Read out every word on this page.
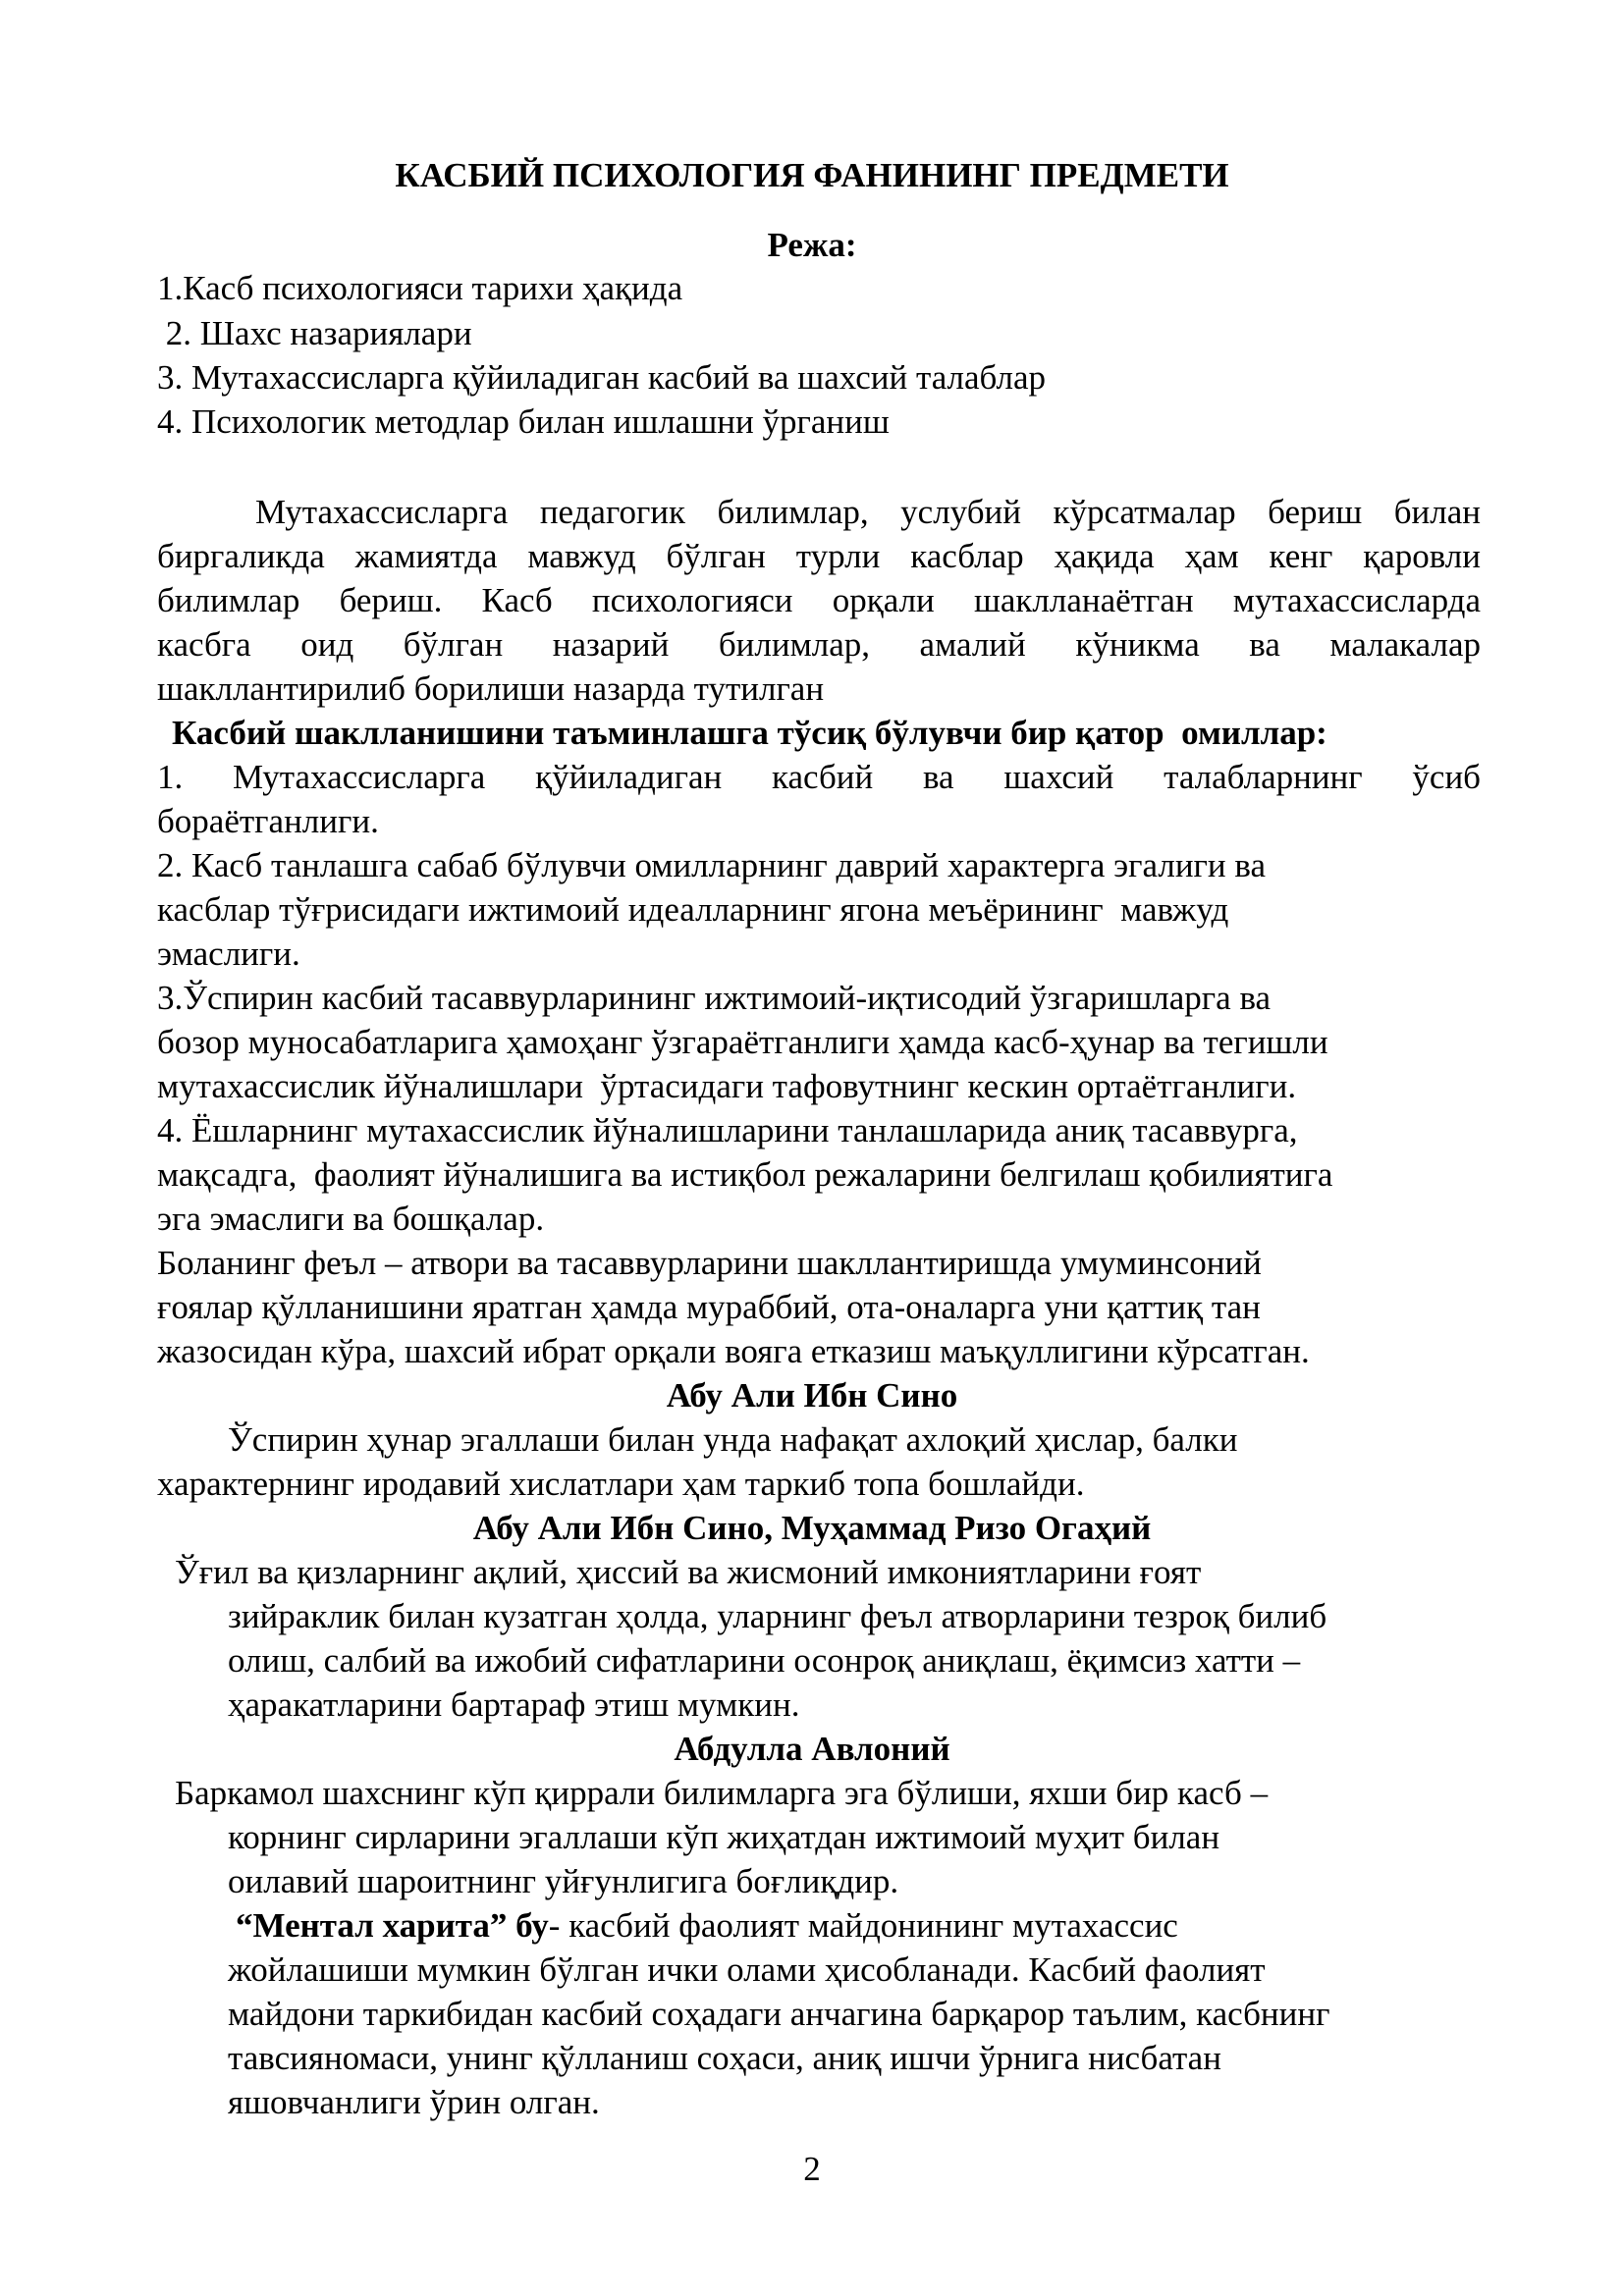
КАСБИЙ ПСИХОЛОГИЯ ФАНИНИНГ ПРЕДМЕТИ
Режа:
1.Касб психологияси тарихи ҳақида
2. Шахс назариялари
3. Мутахассисларга қўйиладиган касбий ва шахсий талаблар
4. Психологик методлар билан ишлашни ўрганиш
Мутахассисларга педагогик билимлар, услубий кўрсатмалар бериш билан
биргаликда жамиятда мавжуд бўлган турли касблар ҳақида ҳам кенг қаровли
билимлар бериш. Касб психологияси орқали шаклланаётган мутахассисларда
касбга оид бўлган назарий билимлар, амалий кўникма ва малакалар
шакллантирилиб борилиши назарда тутилган
Касбий шаклланишини таъминлашга тўсиқ бўлувчи бир қатор  омиллар:
1. Мутахассисларга қўйиладиган касбий ва шахсий талабларнинг ўсиб
бораётганлиги.
2. Касб танлашга сабаб бўлувчи омилларнинг даврий характерга эгалиги ва
касблар тўғрисидаги ижтимоий идеалларнинг ягона меъёрининг  мавжуд
эмаслиги.
3.Ўспирин касбий тасаввурларининг ижтимоий-иқтисодий ўзгаришларга ва
бозор муносабатларига ҳамоҳанг ўзгараётганлиги ҳамда касб-ҳунар ва тегишли
мутахассислик йўналишлари  ўртасидаги тафовутнинг кескин ортаётганлиги.
4. Ёшларнинг мутахассислик йўналишларини танлашларида аниқ тасаввурга,
мақсадга,  фаолият йўналишига ва истиқбол режаларини белгилаш қобилиятига
эга эмаслиги ва бошқалар.
Боланинг феъл – атвори ва тасаввурларини шакллантиришда умуминсоний
ғоялар қўлланишини яратган ҳамда мураббий, ота-оналарга уни қаттиқ тан
жазосидан кўра, шахсий ибрат орқали вояга етказиш маъқуллигини кўрсатган.
Абу Али Ибн Сино
Ўспирин ҳунар эгаллаши билан унда нафақат ахлоқий ҳислар, балки
характернинг иродавий хислатлари ҳам таркиб топа бошлайди.
Абу Али Ибн Сино, Муҳаммад Ризо Огаҳий
Ўғил ва қизларнинг ақлий, ҳиссий ва жисмоний имкониятларини ғоят
зийраклик билан кузатган ҳолда, уларнинг феъл атворларини тезроқ билиб
олиш, салбий ва ижобий сифатларини осонроқ аниқлаш, ёқимсиз хатти –
ҳаракатларини бартараф этиш мумкин.
Абдулла Авлоний
Баркамол шахснинг кўп қиррали билимларга эга бўлиши, яхши бир касб –
корнинг сирларини эгаллаши кўп жиҳатдан ижтимоий муҳит билан
оилавий шароитнинг уйғунлигига боғлиқдир.
“Ментал харита” бу- касбий фаолият майдонининг мутахассис
жойлашиши мумкин бўлган ички олами ҳисобланади. Касбий фаолият
майдони таркибидан касбий соҳадаги анчагина барқарор таълим, касбнинг
тавсияномаси, унинг қўлланиш соҳаси, аниқ ишчи ўрнига нисбатан
яшовчанлиги ўрин олган.
2
